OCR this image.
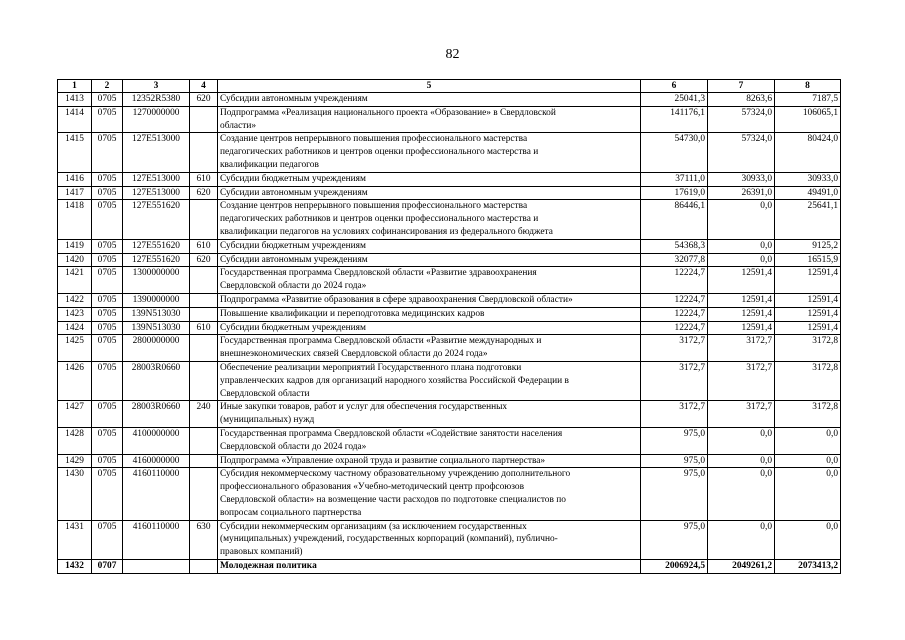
82
1	2	3	4	5	6	7	8
1413	0705	12352R5380	620	Субсидии автономным учреждениям	25041,3	8263,6	7187,5
1414	0705	1270000000		Подпрограмма «Реализация национального проекта «Образование» в Свердловской
области»	141176,1	57324,0	106065,1
1415	0705	127E513000		Создание центров непрерывного повышения профессионального мастерства
педагогических работников и центров оценки профессионального мастерства и
квалификации педагогов	54730,0	57324,0	80424,0
1416	0705	127E513000	610	Субсидии бюджетным учреждениям	37111,0	30933,0	30933,0
1417	0705	127E513000	620	Субсидии автономным учреждениям	17619,0	26391,0	49491,0
1418	0705	127E551620		Создание центров непрерывного повышения профессионального мастерства
педагогических работников и центров оценки профессионального мастерства и
квалификации педагогов на условиях софинансирования из федерального бюджета	86446,1	0,0	25641,1
1419	0705	127E551620	610	Субсидии бюджетным учреждениям	54368,3	0,0	9125,2
1420	0705	127E551620	620	Субсидии автономным учреждениям	32077,8	0,0	16515,9
1421	0705	1300000000		Государственная программа Свердловской области «Развитие здравоохранения
Свердловской области до 2024 года»	12224,7	12591,4	12591,4
1422	0705	1390000000		Подпрограмма «Развитие образования в сфере здравоохранения Свердловской области»	12224,7	12591,4	12591,4
1423	0705	139N513030		Повышение квалификации и переподготовка медицинских кадров	12224,7	12591,4	12591,4
1424	0705	139N513030	610	Субсидии бюджетным учреждениям	12224,7	12591,4	12591,4
1425	0705	2800000000		Государственная программа Свердловской области «Развитие международных и
внешнеэкономических связей Свердловской области до 2024 года»	3172,7	3172,7	3172,8
1426	0705	28003R0660		Обеспечение реализации мероприятий Государственного плана подготовки
управленческих кадров для организаций народного хозяйства Российской Федерации в
Свердловской области	3172,7	3172,7	3172,8
1427	0705	28003R0660	240	Иные закупки товаров, работ и услуг для обеспечения государственных
(муниципальных) нужд	3172,7	3172,7	3172,8
1428	0705	4100000000		Государственная программа Свердловской области «Содействие занятости населения
Свердловской области до 2024 года»	975,0	0,0	0,0
1429	0705	4160000000		Подпрограмма «Управление охраной труда и развитие социального партнерства»	975,0	0,0	0,0
1430	0705	4160110000		Субсидия некоммерческому частному образовательному учреждению дополнительного
профессионального образования «Учебно-методический центр профсоюзов
Свердловской области» на возмещение части расходов по подготовке специалистов по
вопросам социального партнерства	975,0	0,0	0,0
1431	0705	4160110000	630	Субсидии некоммерческим организациям (за исключением государственных
(муниципальных) учреждений, государственных корпораций (компаний), публично-
правовых компаний)	975,0	0,0	0,0
1432	0707			Молодежная политика	2006924,5	2049261,2	2073413,2
